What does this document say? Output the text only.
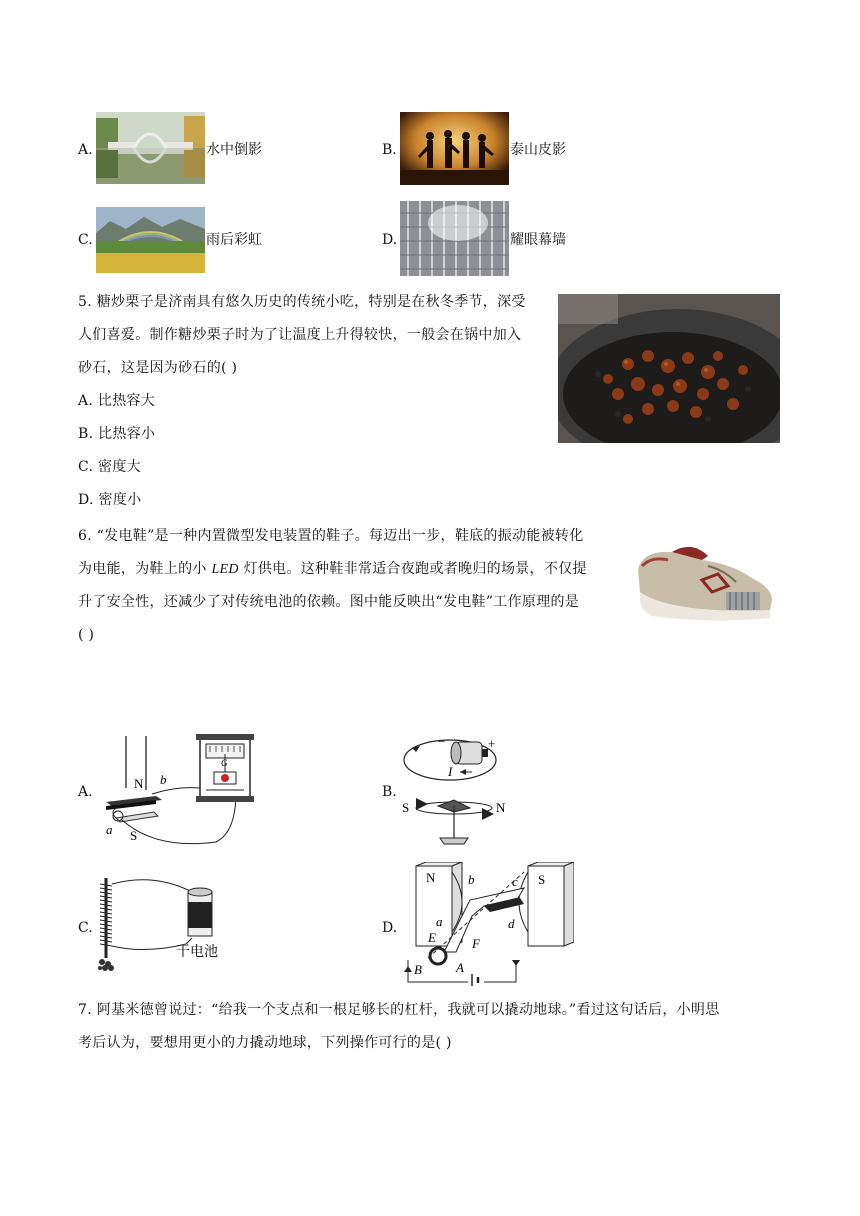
A.	水中倒影	B.	泰山皮影
C.	雨后彩虹	D.	耀眼幕墙
5. 糖炒栗子是济南具有悠久历史的传统小吃，特别是在秋冬季节，深受
人们喜爱。制作糖炒栗子时为了让温度上升得较快，一般会在锅中加入
砂石，这是因为砂石的( )
A. 比热容大
B. 比热容小
C. 密度大
D. 密度小
6. “发电鞋”是一种内置微型发电装置的鞋子。每迈出一步，鞋底的振动能被转化
为电能，为鞋上的小 LED 灯供电。这种鞋非常适合夜跑或者晚归的场景，不仅提
升了安全性，还减少了对传统电池的依赖。图中能反映出“发电鞋”工作原理的是
( )
A.
N b
a S
G
B.
−	+
I
S	N
C.
干电池
D.
N	S
b	c
d
a
E	F
B	A
7. 阿基米德曾说过：“给我一个支点和一根足够长的杠杆，我就可以撬动地球。”看过这句话后，小明思
考后认为，要想用更小的力撬动地球，下列操作可行的是( )
